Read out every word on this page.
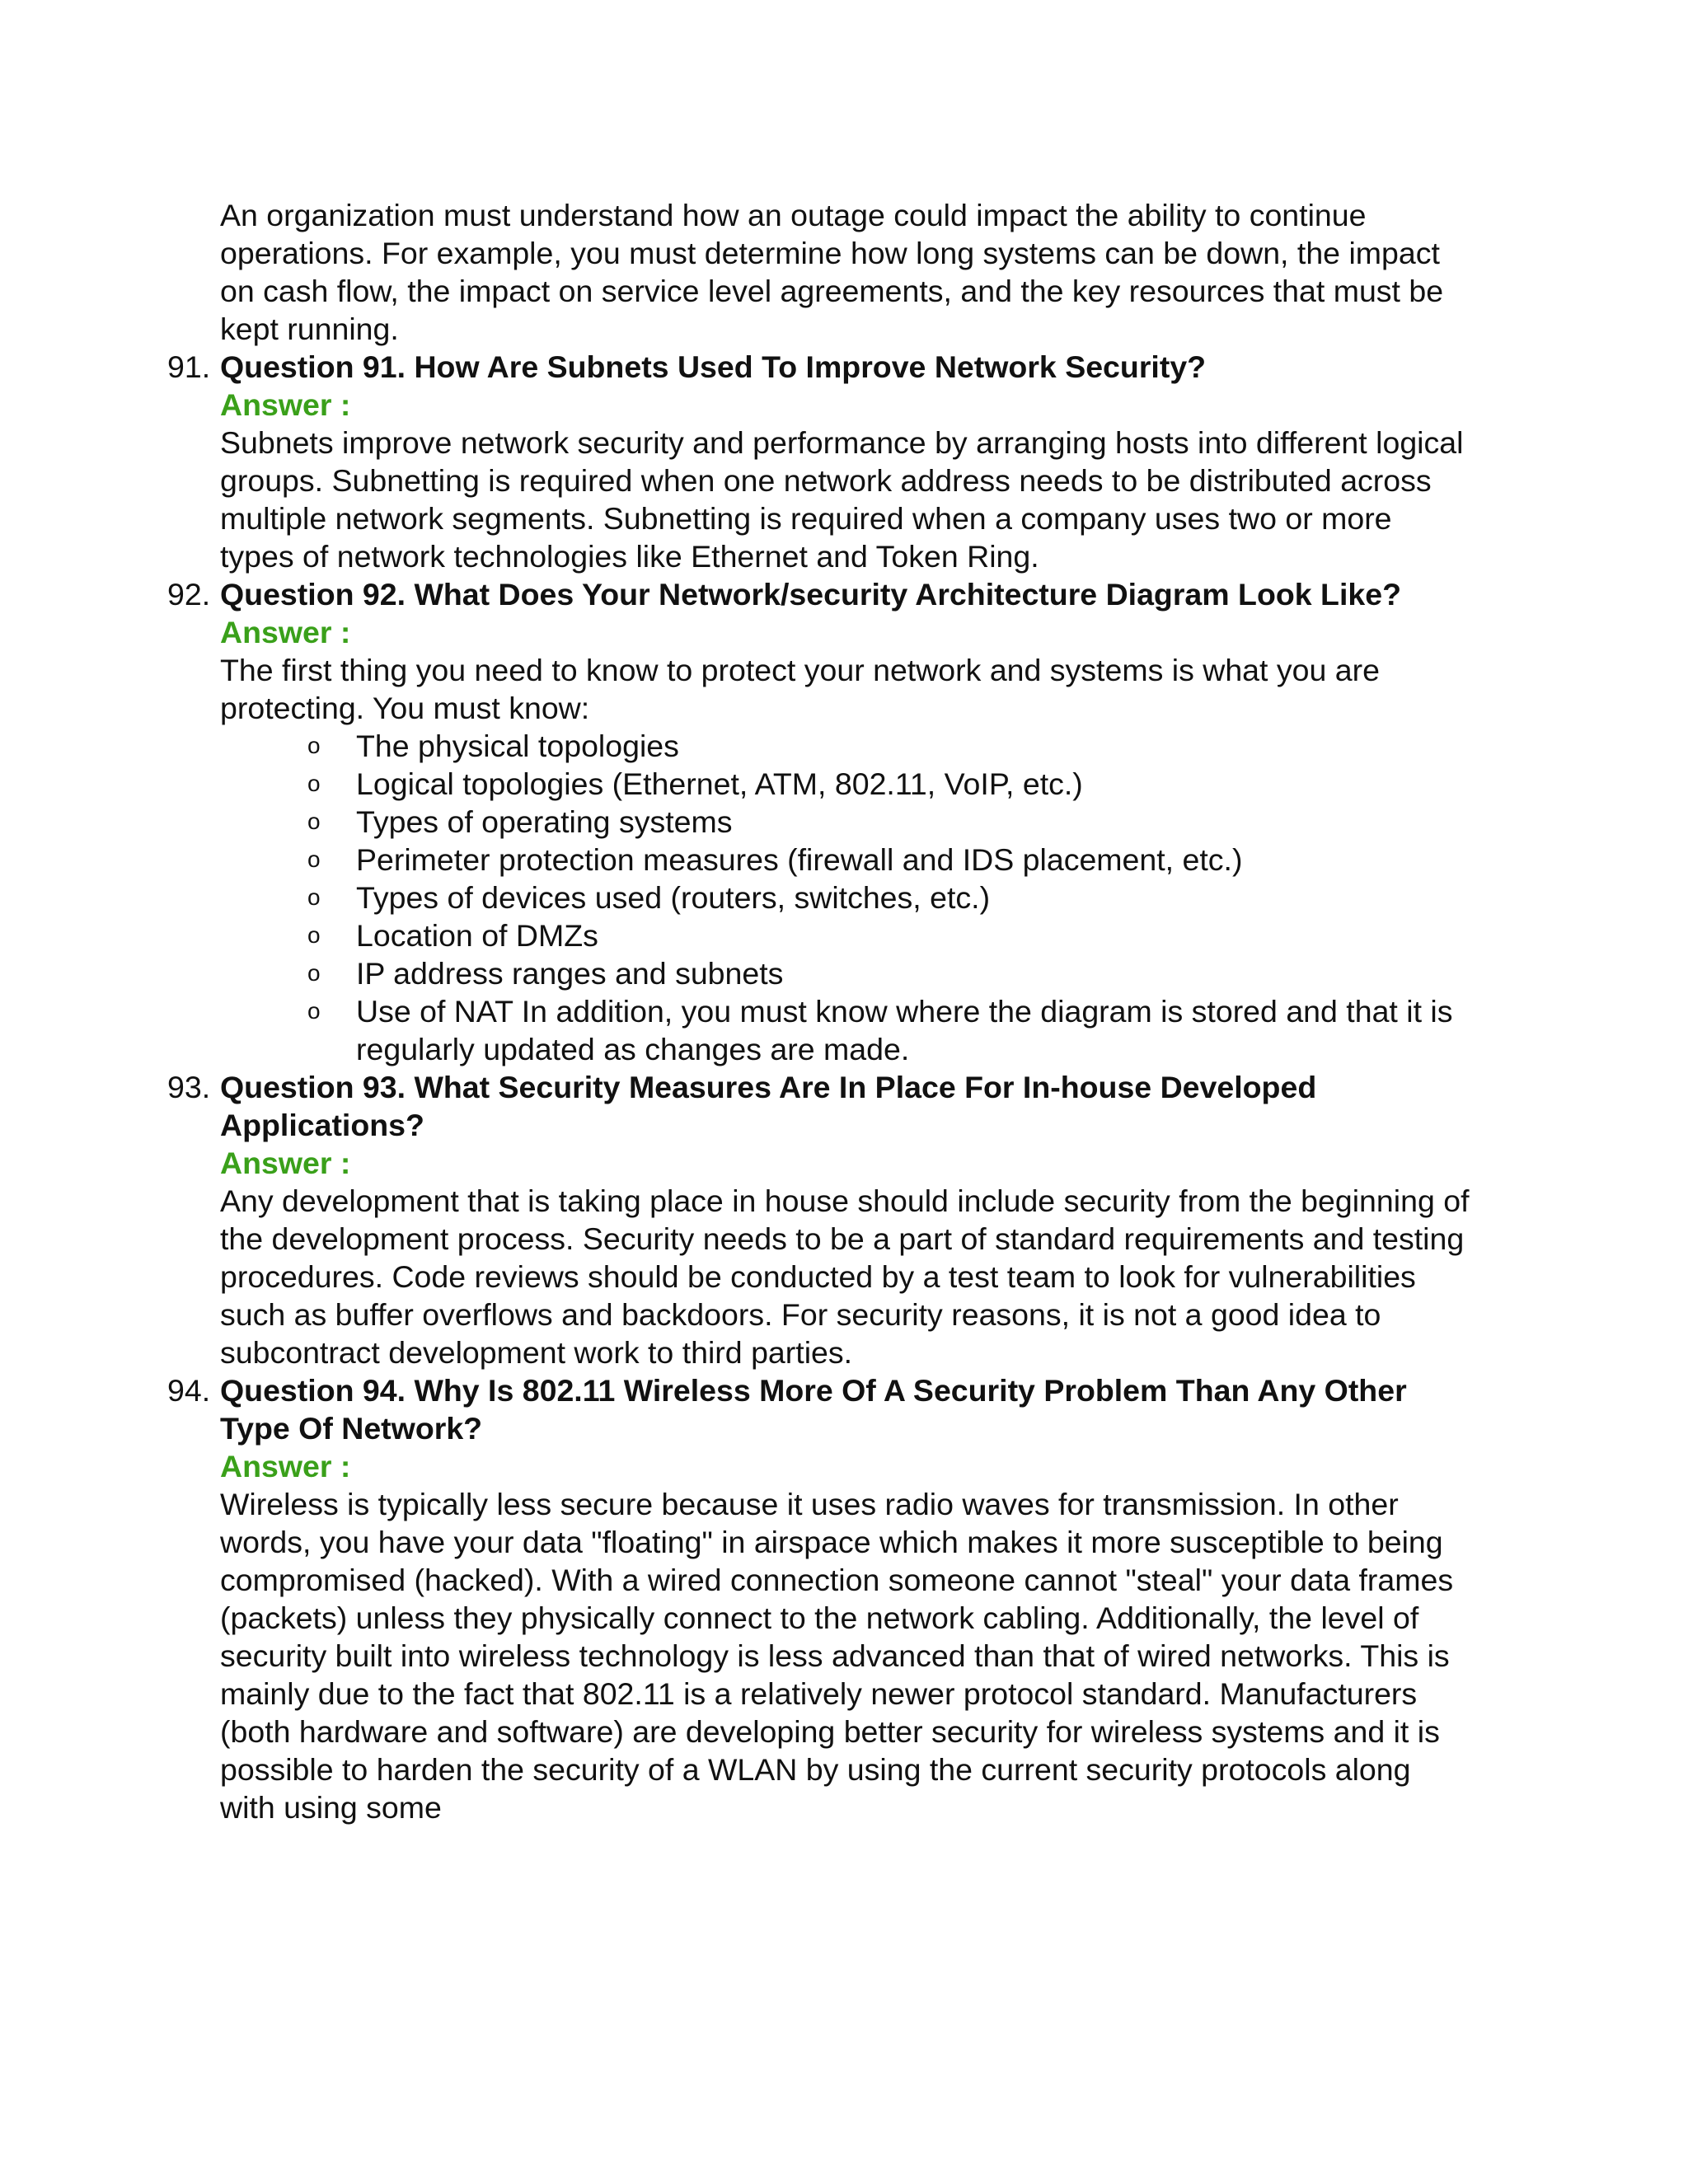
An organization must understand how an outage could impact the ability to continue operations. For example, you must determine how long systems can be down, the impact on cash flow, the impact on service level agreements, and the key resources that must be kept running.

91. Question 91. How Are Subnets Used To Improve Network Security?

Answer :

Subnets improve network security and performance by arranging hosts into different logical groups. Subnetting is required when one network address needs to be distributed across multiple network segments. Subnetting is required when a company uses two or more types of network technologies like Ethernet and Token Ring.

92. Question 92. What Does Your Network/security Architecture Diagram Look Like?

Answer :

The first thing you need to know to protect your network and systems is what you are protecting. You must know:

o The physical topologies
o Logical topologies (Ethernet, ATM, 802.11, VoIP, etc.)
o Types of operating systems
o Perimeter protection measures (firewall and IDS placement, etc.)
o Types of devices used (routers, switches, etc.)
o Location of DMZs
o IP address ranges and subnets
o Use of NAT In addition, you must know where the diagram is stored and that it is regularly updated as changes are made.
93. Question 93. What Security Measures Are In Place For In-house Developed Applications?

Answer :

Any development that is taking place in house should include security from the beginning of the development process. Security needs to be a part of standard requirements and testing procedures. Code reviews should be conducted by a test team to look for vulnerabilities such as buffer overflows and backdoors. For security reasons, it is not a good idea to subcontract development work to third parties.

94. Question 94. Why Is 802.11 Wireless More Of A Security Problem Than Any Other Type Of Network?

Answer :

Wireless is typically less secure because it uses radio waves for transmission. In other words, you have your data "floating" in airspace which makes it more susceptible to being compromised (hacked). With a wired connection someone cannot "steal" your data frames (packets) unless they physically connect to the network cabling. Additionally, the level of security built into wireless technology is less advanced than that of wired networks. This is mainly due to the fact that 802.11 is a relatively newer protocol standard. Manufacturers (both hardware and software) are developing better security for wireless systems and it is possible to harden the security of a WLAN by using the current security protocols along with using some
